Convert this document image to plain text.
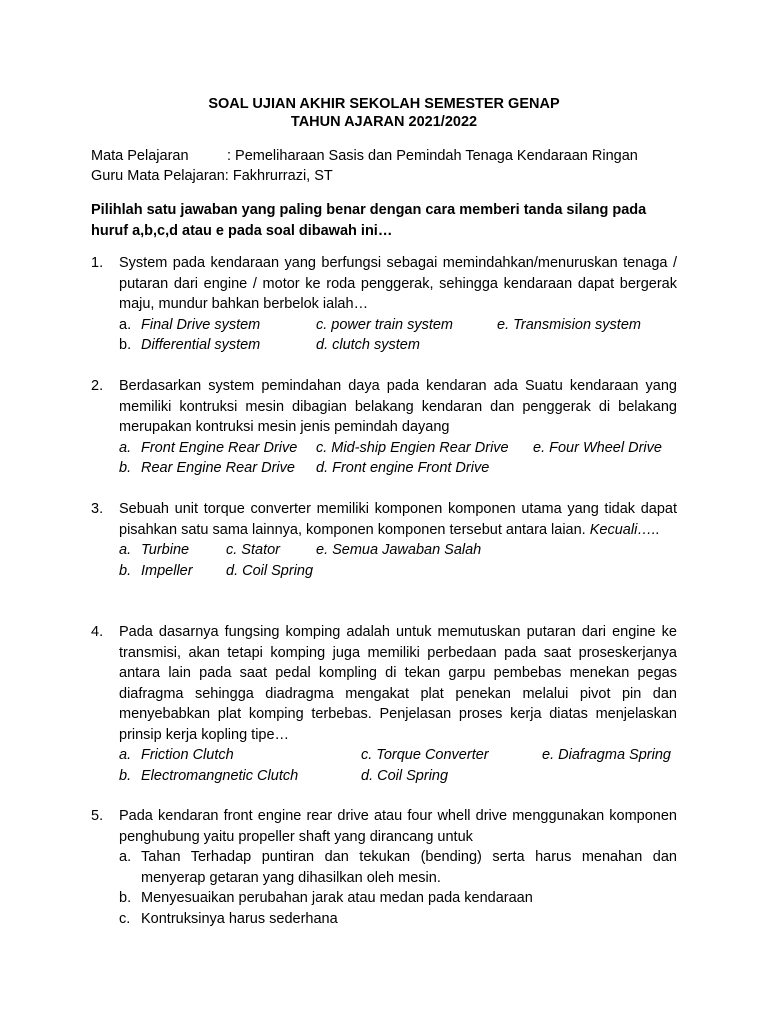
SOAL UJIAN AKHIR SEKOLAH SEMESTER GENAP
TAHUN AJARAN 2021/2022
Mata Pelajaran	: Pemeliharaan Sasis dan Pemindah Tenaga Kendaraan Ringan
Guru Mata Pelajaran: Fakhrurrazi, ST
Pilihlah satu jawaban yang paling benar dengan cara memberi tanda silang pada huruf a,b,c,d atau e pada soal dibawah ini…
1. System pada kendaraan yang berfungsi sebagai memindahkan/menuruskan tenaga / putaran dari engine / motor ke roda penggerak, sehingga kendaraan dapat bergerak maju, mundur bahkan berbelok ialah…
a. Final Drive system	c. power train system	e. Transmision system
b. Differential system	d. clutch system
2. Berdasarkan system pemindahan daya pada kendaran ada Suatu kendaraan yang memiliki kontruksi mesin dibagian belakang kendaran dan penggerak di belakang merupakan kontruksi mesin jenis pemindah dayang
a. Front Engine Rear Drive c. Mid-ship Engien Rear Drive e. Four Wheel Drive
b. Rear Engine Rear Drive d. Front engine Front Drive
3. Sebuah unit torque converter memiliki komponen komponen utama yang tidak dapat pisahkan satu sama lainnya, komponen komponen tersebut antara laian. Kecuali…..
a. Turbine	c. Stator e. Semua Jawaban Salah
b. Impeller d. Coil Spring
4. Pada dasarnya fungsing komping adalah untuk memutuskan putaran dari engine ke transmisi, akan tetapi komping juga memiliki perbedaan pada saat proseskerjanya antara lain pada saat pedal kompling di tekan garpu pembebas menekan pegas diafragma sehingga diadragma mengakat plat penekan melalui pivot pin dan menyebabkan plat komping terbebas. Penjelasan proses kerja diatas menjelaskan prinsip kerja kopling tipe…
a. Friction Clutch	c. Torque Converter	e. Diafragma Spring
b. Electromangnetic Clutch	d. Coil Spring
5. Pada kendaran front engine rear drive atau four whell drive menggunakan komponen penghubung yaitu propeller shaft yang dirancang untuk
a. Tahan Terhadap puntiran dan tekukan (bending) serta harus menahan dan menyerap getaran yang dihasilkan oleh mesin.
b. Menyesuaikan perubahan jarak atau medan pada kendaraan
c. Kontruksinya harus sederhana
